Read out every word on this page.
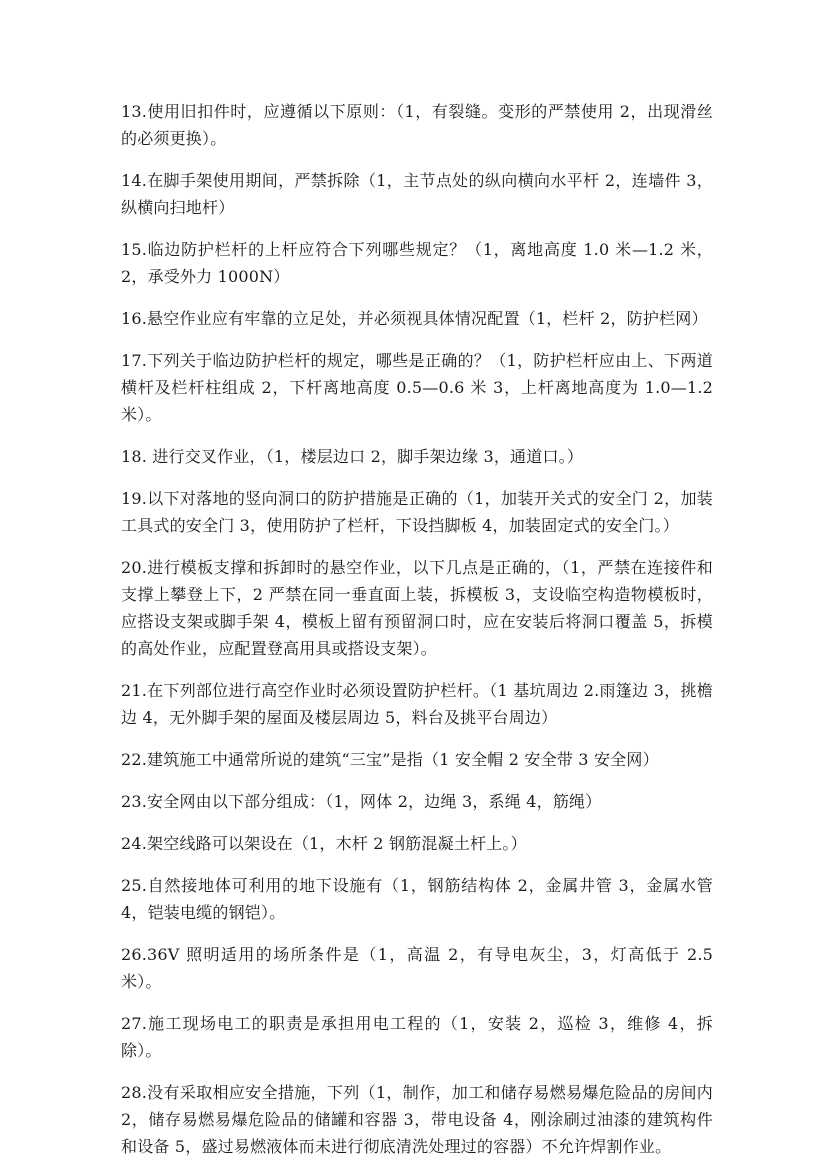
13.使用旧扣件时，应遵循以下原则：（1，有裂缝。变形的严禁使用 2，出现滑丝的必须更换）。

14.在脚手架使用期间，严禁拆除（1，主节点处的纵向横向水平杆 2，连墙件 3，纵横向扫地杆）

15.临边防护栏杆的上杆应符合下列哪些规定？（1，离地高度 1.0 米—1.2 米，2，承受外力 1000N）

16.悬空作业应有牢靠的立足处，并必须视具体情况配置（1，栏杆 2，防护栏网）

17.下列关于临边防护栏杆的规定，哪些是正确的？（1，防护栏杆应由上、下两道横杆及栏杆柱组成 2，下杆离地高度 0.5—0.6 米 3，上杆离地高度为 1.0—1.2 米）。

18. 进行交叉作业，（1，楼层边口 2，脚手架边缘 3，通道口。）

19.以下对落地的竖向洞口的防护措施是正确的（1，加装开关式的安全门 2，加装工具式的安全门 3，使用防护了栏杆，下设挡脚板 4，加装固定式的安全门。）

20.进行模板支撑和拆卸时的悬空作业，以下几点是正确的，（1，严禁在连接件和支撑上攀登上下，2 严禁在同一垂直面上装，拆模板 3，支设临空构造物模板时，应搭设支架或脚手架 4，模板上留有预留洞口时，应在安装后将洞口覆盖 5，拆模的高处作业，应配置登高用具或搭设支架）。

21.在下列部位进行高空作业时必须设置防护栏杆。（1 基坑周边 2.雨篷边 3，挑檐边 4，无外脚手架的屋面及楼层周边 5，料台及挑平台周边）

22.建筑施工中通常所说的建筑“三宝”是指（1 安全帽 2 安全带 3 安全网）

23.安全网由以下部分组成：（1，网体 2，边绳 3，系绳 4，筋绳）

24.架空线路可以架设在（1，木杆 2 钢筋混凝土杆上。）

25.自然接地体可利用的地下设施有（1，钢筋结构体 2，金属井管 3，金属水管 4，铠装电缆的钢铠）。

26.36V 照明适用的场所条件是（1，高温 2，有导电灰尘，3，灯高低于 2.5 米）。

27.施工现场电工的职责是承担用电工程的（1，安装 2，巡检 3，维修 4，拆除）。

28.没有采取相应安全措施，下列（1，制作，加工和储存易燃易爆危险品的房间内 2，储存易燃易爆危险品的储罐和容器 3，带电设备 4，刚涂刷过油漆的建筑构件和设备 5，盛过易燃液体而未进行彻底清洗处理过的容器）不允许焊割作业。
